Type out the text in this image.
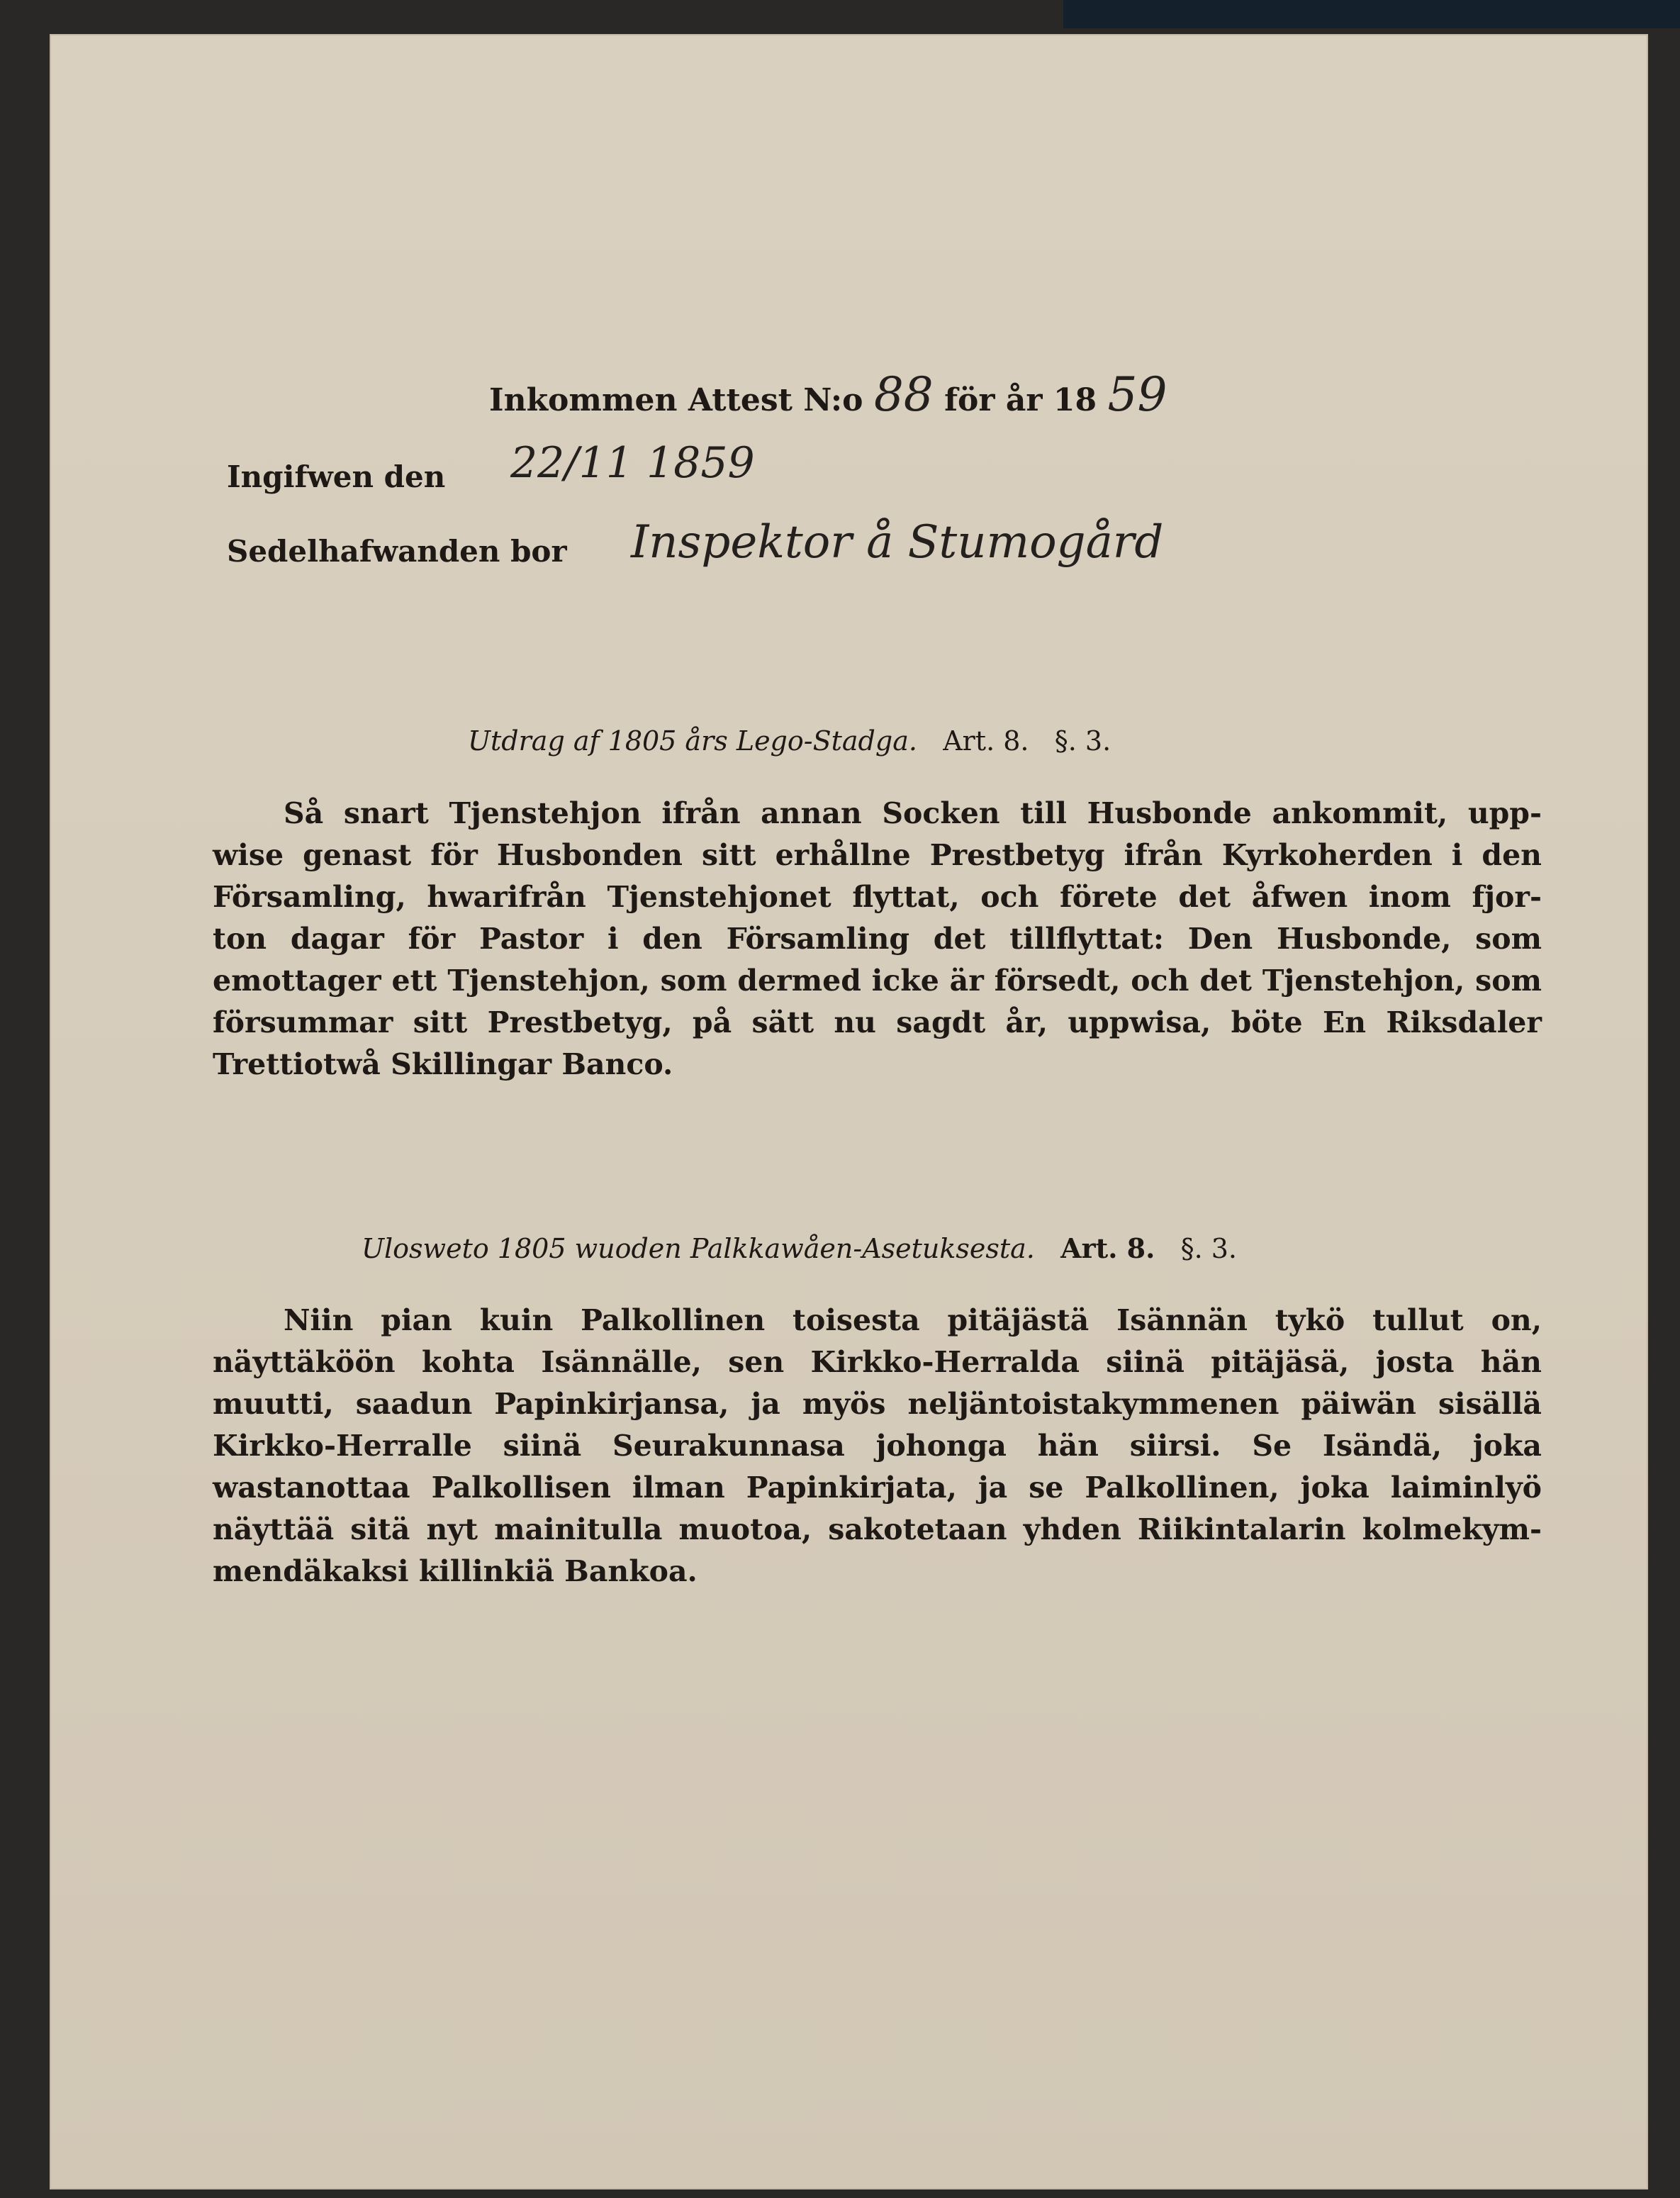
Inkommen Attest N:o 88 för år 18 59
Ingifwen den 22/11 1859
Sedelhafwanden bor Inspektor å Stumogård
Utdrag af 1805 års Lego-Stadga. Art. 8. §. 3.
Så snart Tjenstehjon ifrån annan Socken till Husbonde ankommit, upp-
wise genast för Husbonden sitt erhållne Prestbetyg ifrån Kyrkoherden i den
Församling, hwarifrån Tjenstehjonet flyttat, och förete det åfwen inom fjor-
ton dagar för Pastor i den Församling det tillflyttat: Den Husbonde, som
emottager ett Tjenstehjon, som dermed icke är försedt, och det Tjenstehjon, som
försummar sitt Prestbetyg, på sätt nu sagdt år, uppwisa, böte En Riksdaler
Trettiotwå Skillingar Banco.
Ulosweto 1805 wuoden Palkkawåen-Asetuksesta. Art. 8. §. 3.
Niin pian kuin Palkollinen toisesta pitäjästä Isännän tykö tullut on,
näyttäköön kohta Isännälle, sen Kirkko-Herralda siinä pitäjäsä, josta hän
muutti, saadun Papinkirjansa, ja myös neljäntoistakymmenen päiwän sisällä
Kirkko-Herralle siinä Seurakunnasa johonga hän siirsi. Se Isändä, joka
wastanottaa Palkollisen ilman Papinkirjata, ja se Palkollinen, joka laiminlyö
näyttää sitä nyt mainitulla muotoa, sakotetaan yhden Riikintalarin kolmekym-
mendäkaksi killinkiä Bankoa.
